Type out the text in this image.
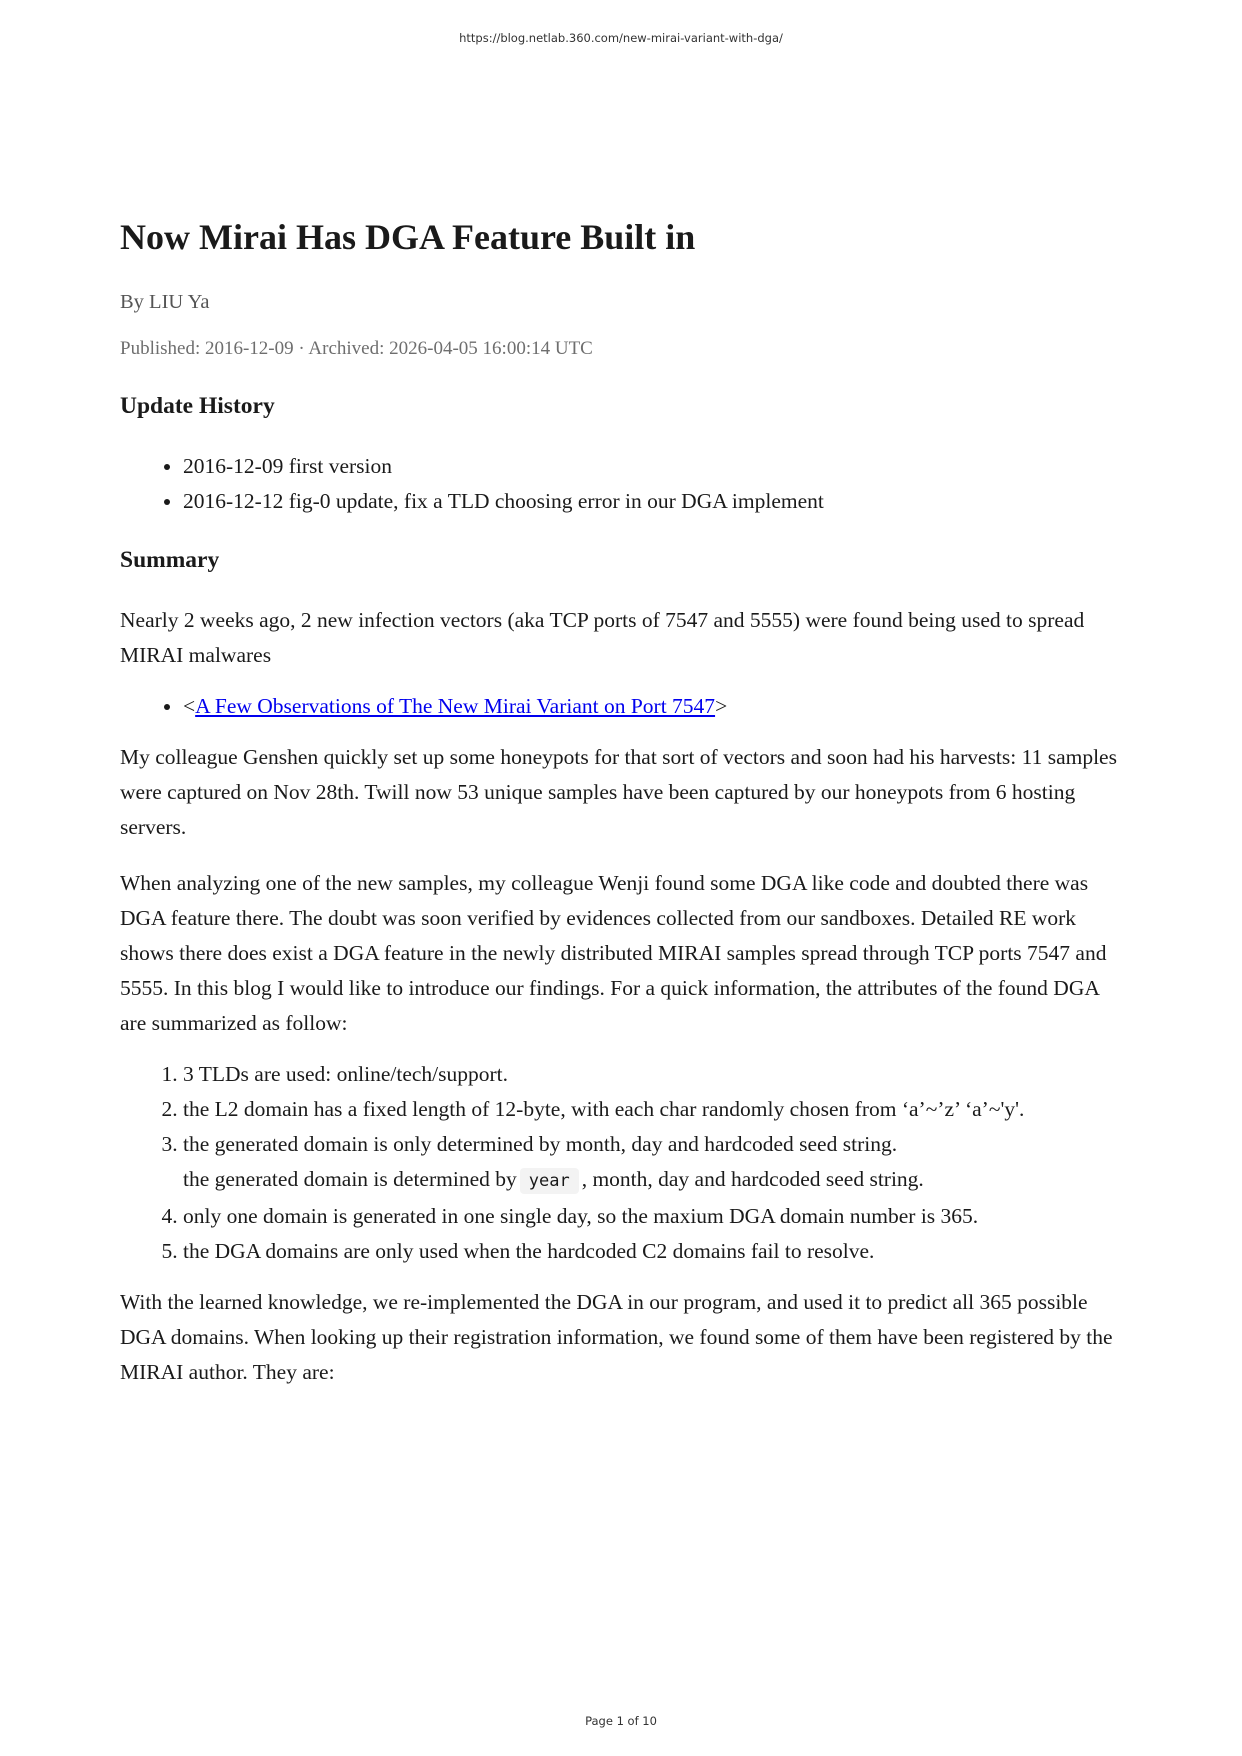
https://blog.netlab.360.com/new-mirai-variant-with-dga/
Now Mirai Has DGA Feature Built in
By LIU Ya
Published: 2016-12-09 · Archived: 2026-04-05 16:00:14 UTC
Update History
• 2016-12-09 first version
• 2016-12-12 fig-0 update, fix a TLD choosing error in our DGA implement
Summary

Nearly 2 weeks ago, 2 new infection vectors (aka TCP ports of 7547 and 5555) were found being used to spread MIRAI malwares

• <A Few Observations of The New Mirai Variant on Port 7547>

My colleague Genshen quickly set up some honeypots for that sort of vectors and soon had his harvests: 11 samples were captured on Nov 28th. Twill now 53 unique samples have been captured by our honeypots from 6 hosting servers.

When analyzing one of the new samples, my colleague Wenji found some DGA like code and doubted there was DGA feature there. The doubt was soon verified by evidences collected from our sandboxes. Detailed RE work shows there does exist a DGA feature in the newly distributed MIRAI samples spread through TCP ports 7547 and 5555. In this blog I would like to introduce our findings. For a quick information, the attributes of the found DGA are summarized as follow:

1. 3 TLDs are used: online/tech/support.
2. the L2 domain has a fixed length of 12-byte, with each char randomly chosen from ‘a’~’z’ ‘a’~'y'.
3. the generated domain is only determined by month, day and hardcoded seed string.
the generated domain is determined by year , month, day and hardcoded seed string.
4. only one domain is generated in one single day, so the maxium DGA domain number is 365.
5. the DGA domains are only used when the hardcoded C2 domains fail to resolve.

With the learned knowledge, we re-implemented the DGA in our program, and used it to predict all 365 possible DGA domains. When looking up their registration information, we found some of them have been registered by the MIRAI author. They are:

Page 1 of 10
